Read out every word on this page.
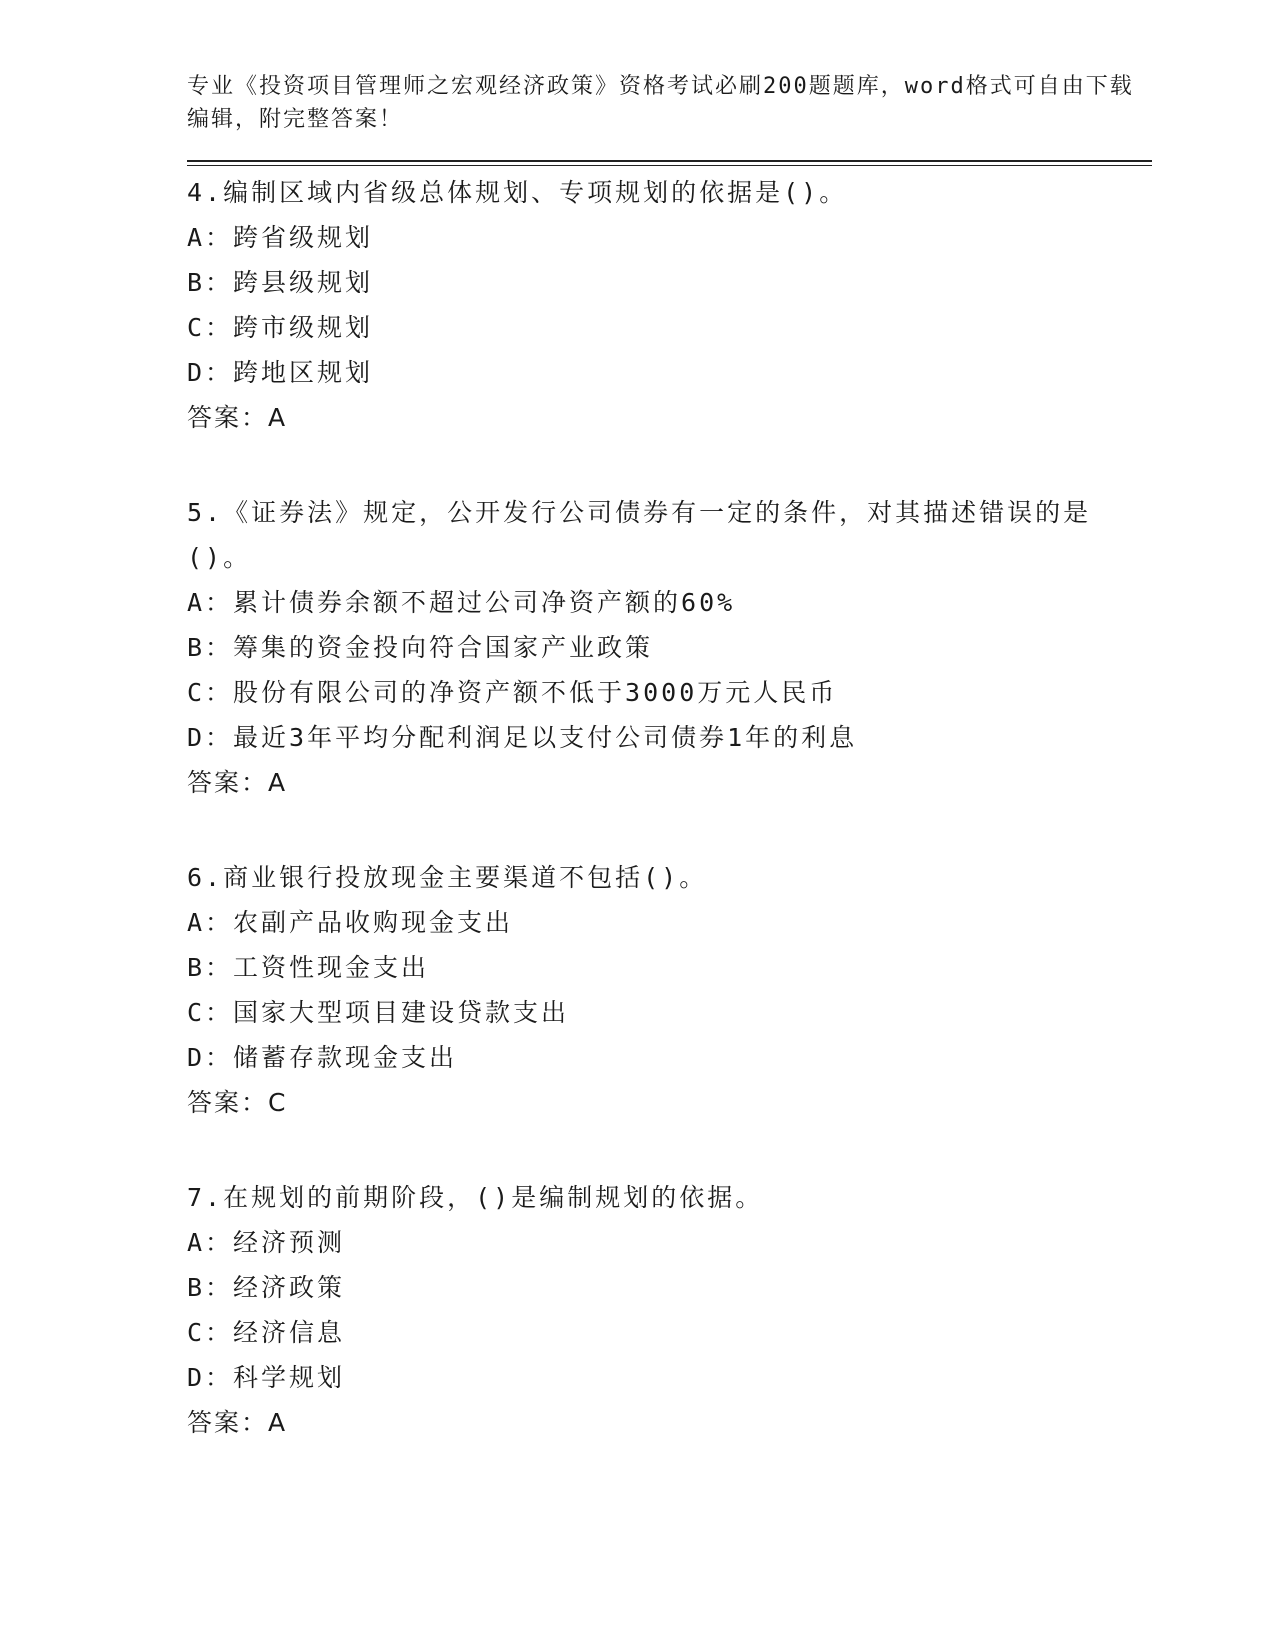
专业《投资项目管理师之宏观经济政策》资格考试必刷200题题库，word格式可自由下载编辑，附完整答案！
4.编制区域内省级总体规划、专项规划的依据是()。
A：跨省级规划
B：跨县级规划
C：跨市级规划
D：跨地区规划
答案：A
5.《证券法》规定，公开发行公司债券有一定的条件，对其描述错误的是()。
A：累计债券余额不超过公司净资产额的60%
B：筹集的资金投向符合国家产业政策
C：股份有限公司的净资产额不低于3000万元人民币
D：最近3年平均分配利润足以支付公司债券1年的利息
答案：A
6.商业银行投放现金主要渠道不包括()。
A：农副产品收购现金支出
B：工资性现金支出
C：国家大型项目建设贷款支出
D：储蓄存款现金支出
答案：C
7.在规划的前期阶段，()是编制规划的依据。
A：经济预测
B：经济政策
C：经济信息
D：科学规划
答案：A
